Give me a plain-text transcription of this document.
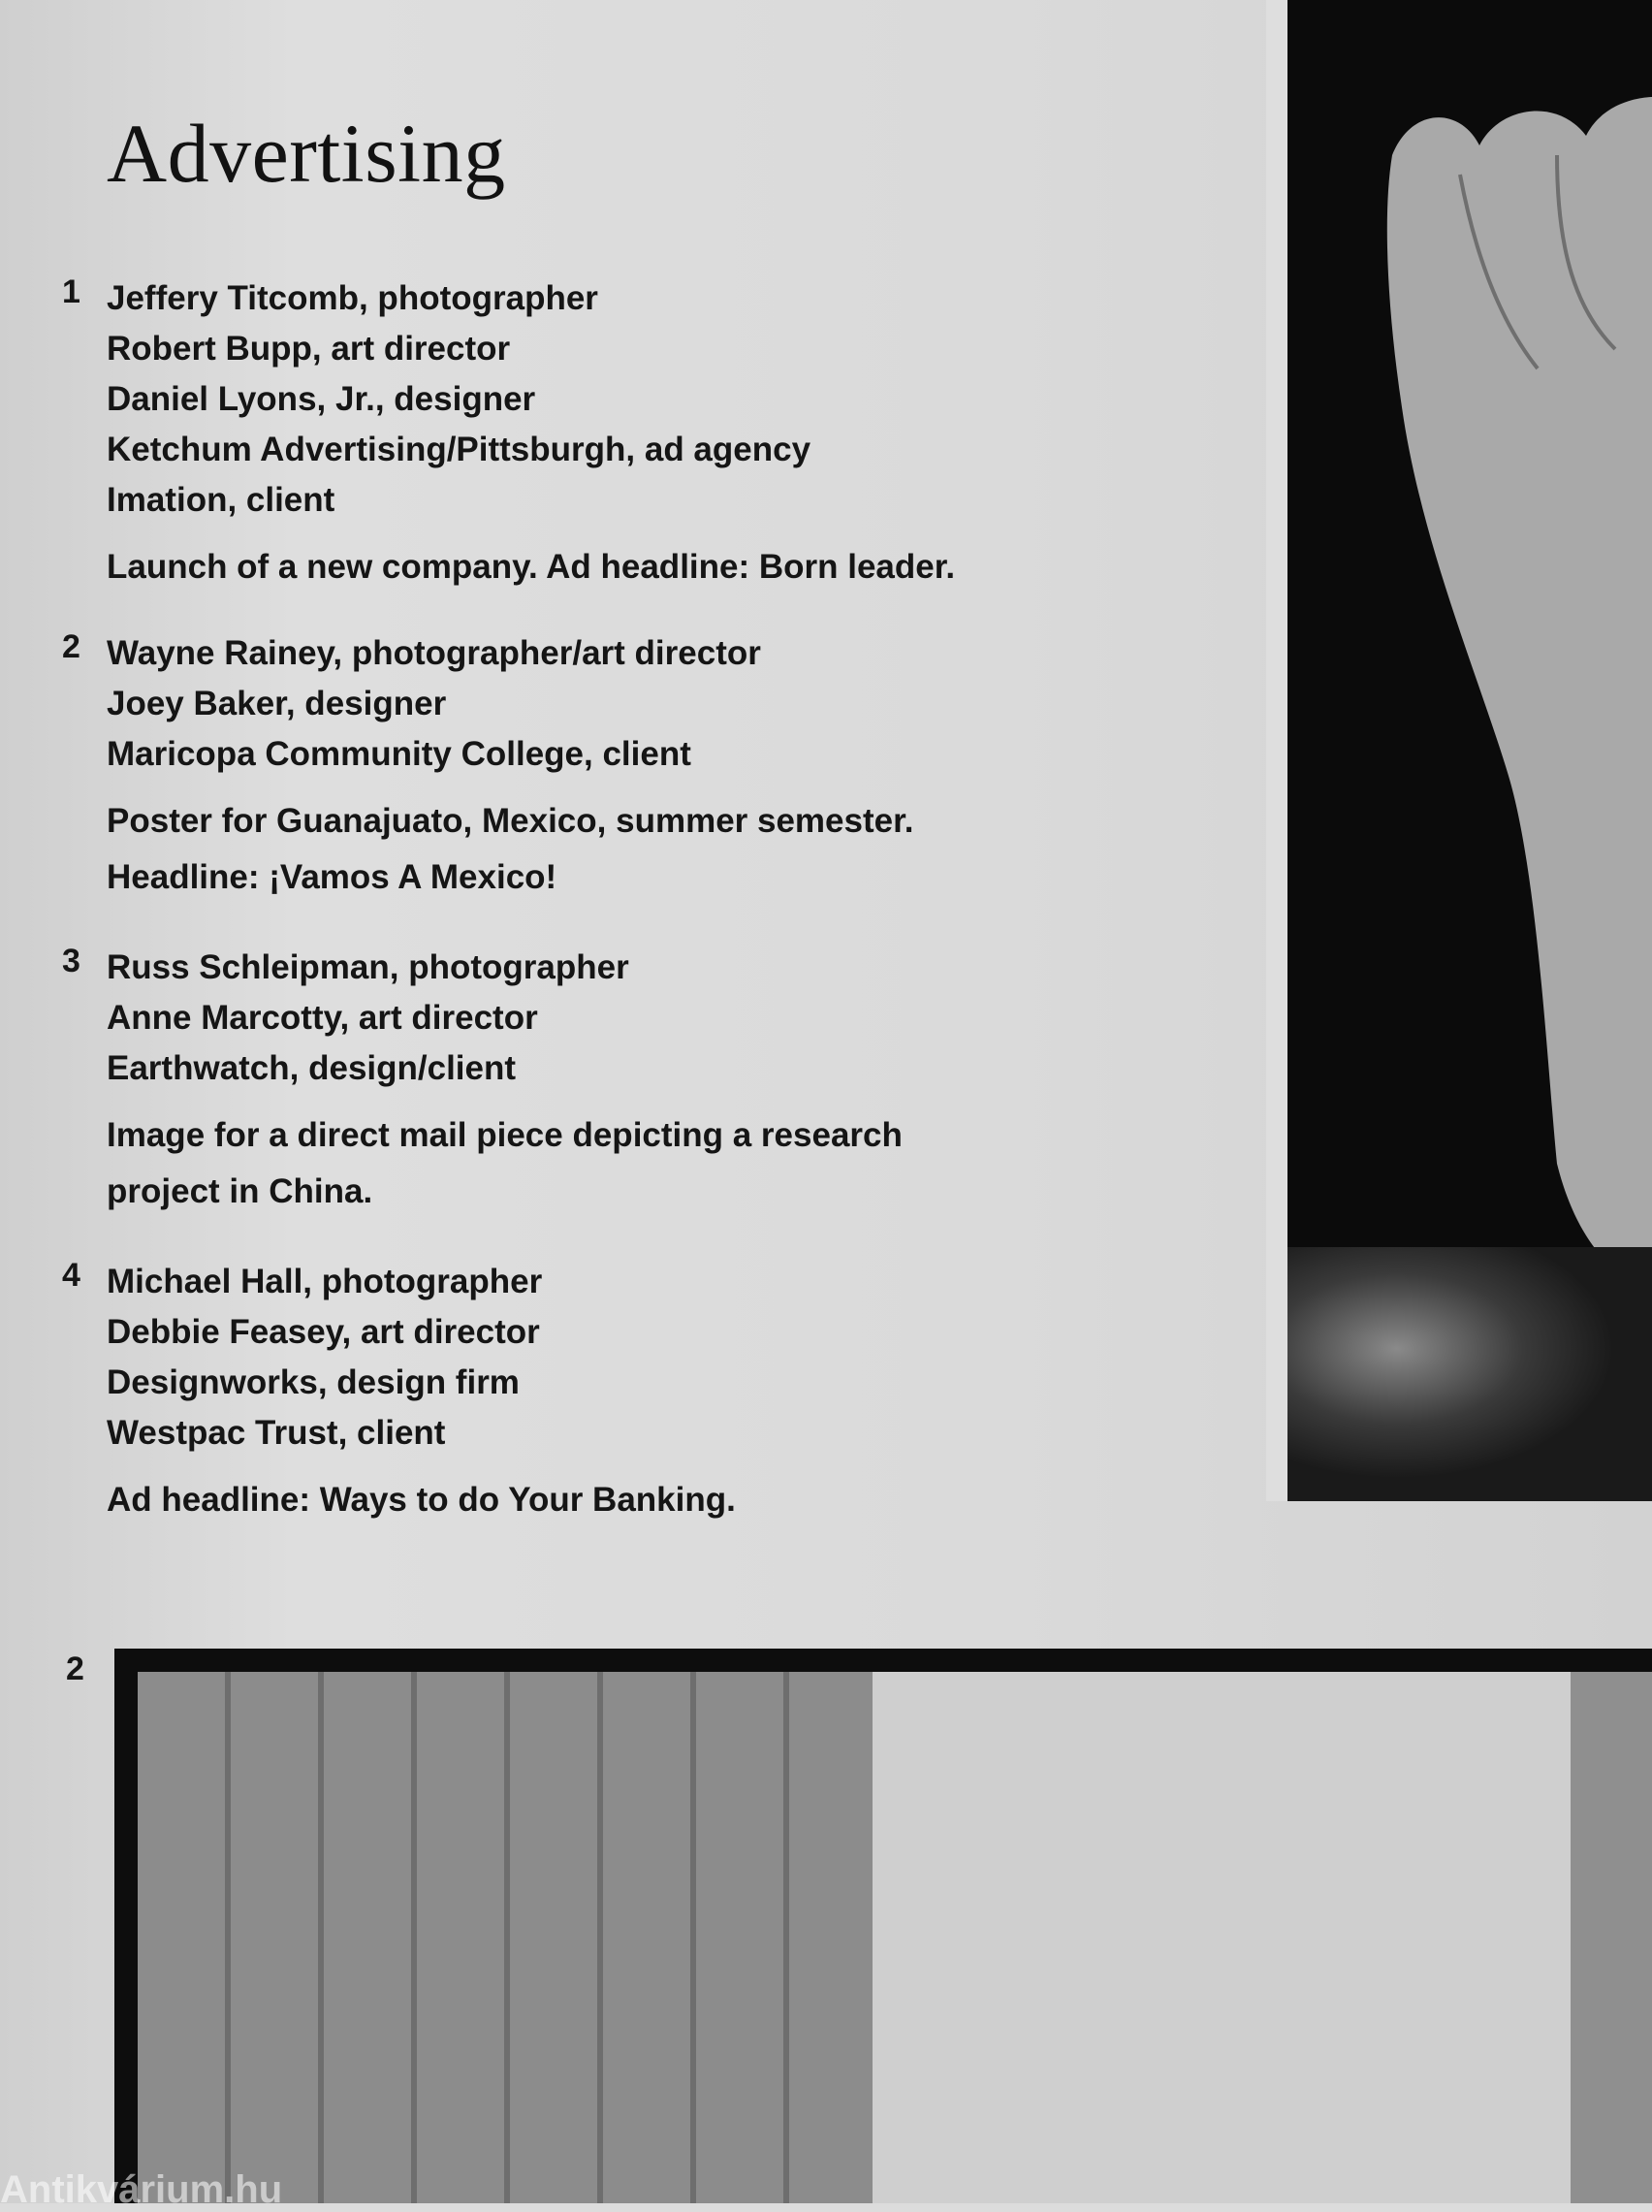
Advertising
1 Jeffery Titcomb, photographer
Robert Bupp, art director
Daniel Lyons, Jr., designer
Ketchum Advertising/Pittsburgh, ad agency
Imation, client
Launch of a new company. Ad headline: Born leader.
2 Wayne Rainey, photographer/art director
Joey Baker, designer
Maricopa Community College, client
Poster for Guanajuato, Mexico, summer semester.
Headline: ¡Vamos A Mexico!
3 Russ Schleipman, photographer
Anne Marcotty, art director
Earthwatch, design/client
Image for a direct mail piece depicting a research
project in China.
4 Michael Hall, photographer
Debbie Feasey, art director
Designworks, design firm
Westpac Trust, client
Ad headline: Ways to do Your Banking.
2
Antikvárium.hu
